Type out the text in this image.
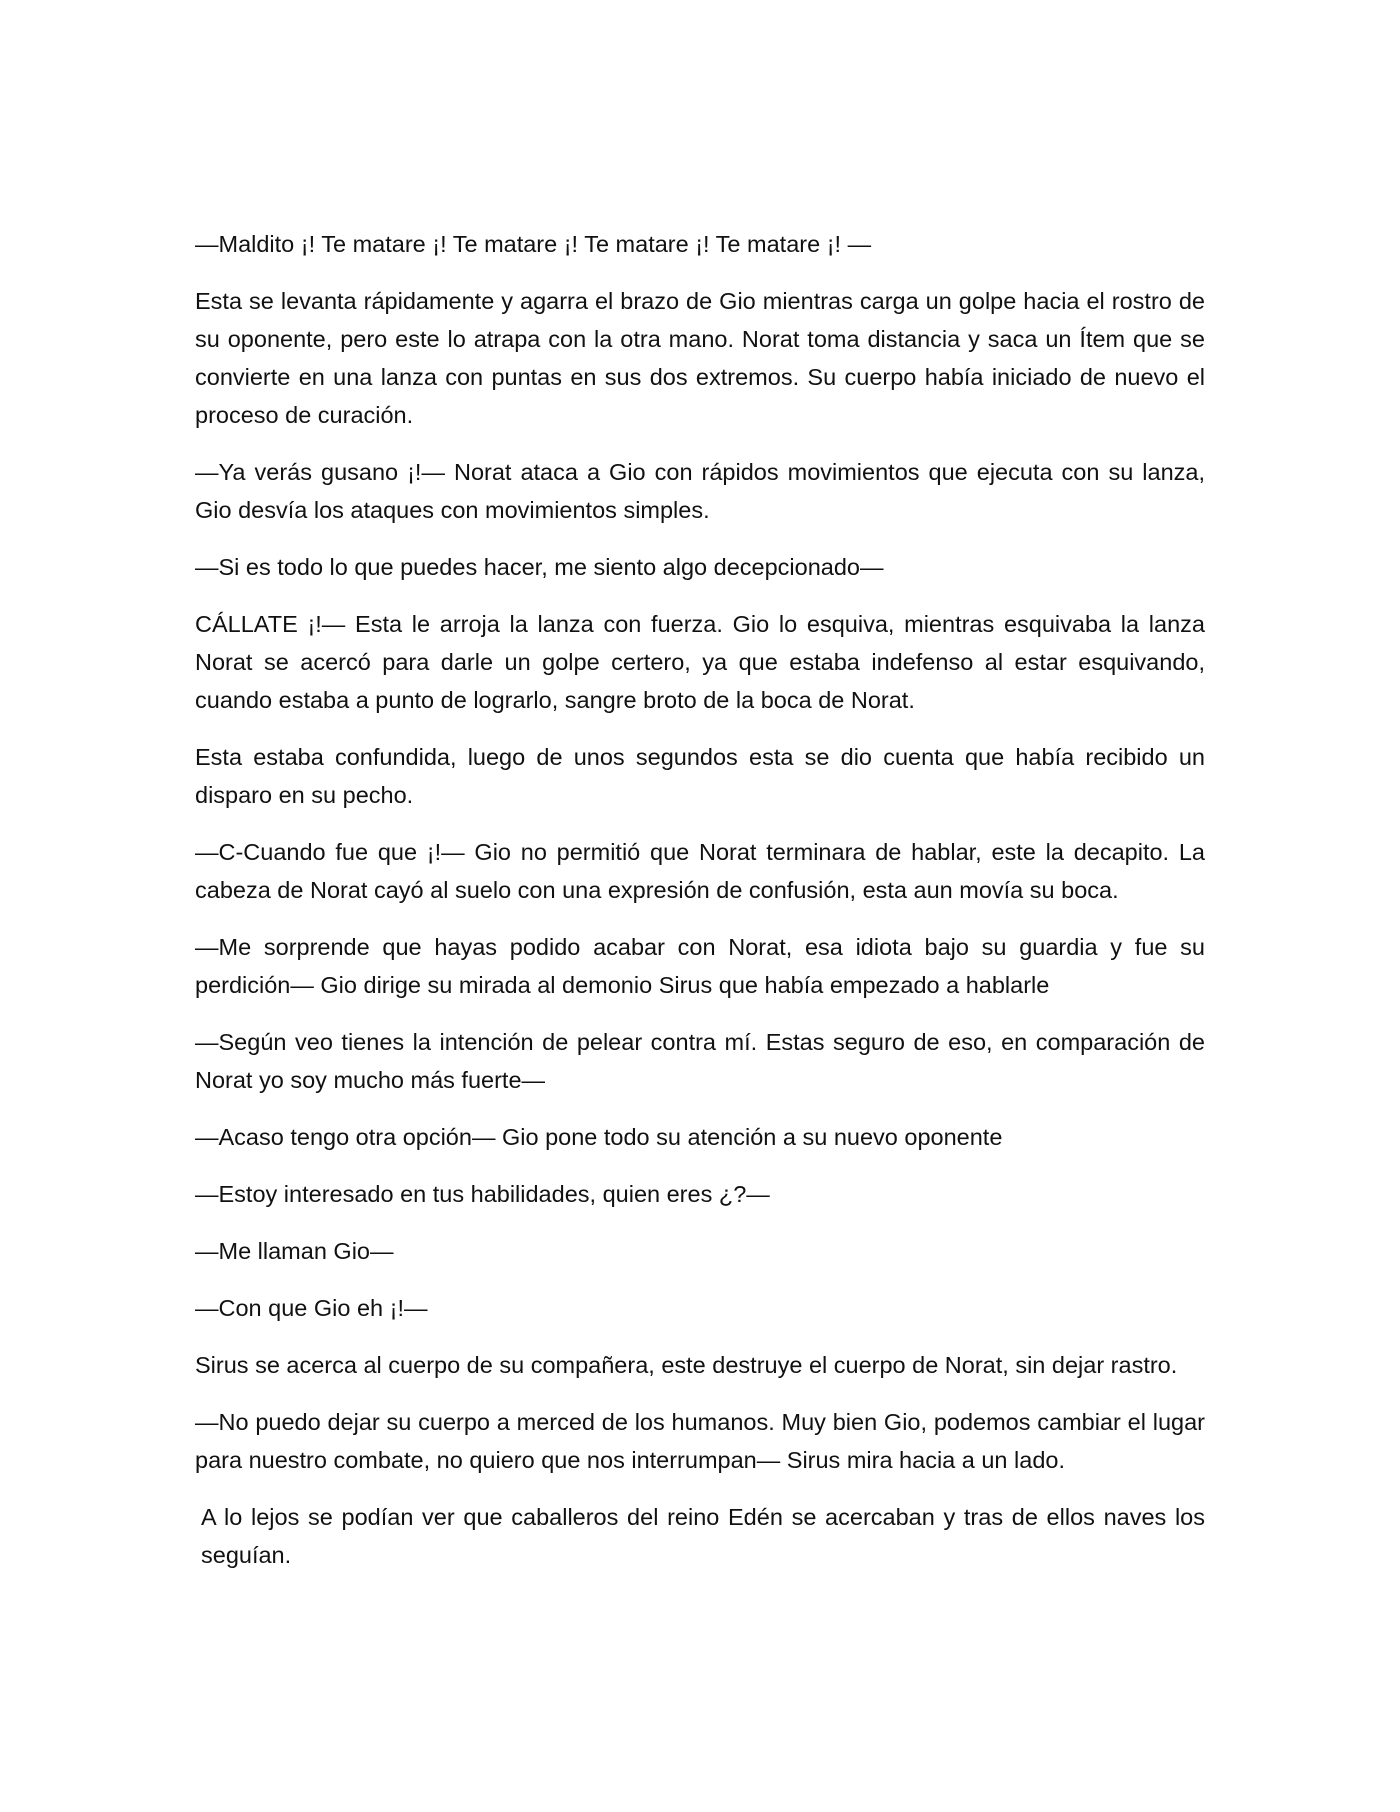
—Maldito ¡! Te matare ¡! Te matare ¡! Te matare ¡! Te matare ¡! —

Esta se levanta rápidamente y agarra el brazo de Gio mientras carga un golpe hacia el rostro de su oponente, pero este lo atrapa con la otra mano. Norat toma distancia y saca un Ítem que se convierte en una lanza con puntas en sus dos extremos. Su cuerpo había iniciado de nuevo el proceso de curación.

—Ya verás gusano ¡!— Norat ataca a Gio con rápidos movimientos que ejecuta con su lanza, Gio desvía los ataques con movimientos simples.

—Si es todo lo que puedes hacer, me siento algo decepcionado—

CÁLLATE ¡!— Esta le arroja la lanza con fuerza. Gio lo esquiva, mientras esquivaba la lanza Norat se acercó para darle un golpe certero, ya que estaba indefenso al estar esquivando, cuando estaba a punto de lograrlo, sangre broto de la boca de Norat.

Esta estaba confundida, luego de unos segundos esta se dio cuenta que había recibido un disparo en su pecho.

—C-Cuando fue que ¡!— Gio no permitió que Norat terminara de hablar, este la decapito. La cabeza de Norat cayó al suelo con una expresión de confusión, esta aun movía su boca.

—Me sorprende que hayas podido acabar con Norat, esa idiota bajo su guardia y fue su perdición— Gio dirige su mirada al demonio Sirus que había empezado a hablarle

—Según veo tienes la intención de pelear contra mí. Estas seguro de eso, en comparación de Norat yo soy mucho más fuerte—

—Acaso tengo otra opción— Gio pone todo su atención a su nuevo oponente

—Estoy interesado en tus habilidades, quien eres ¿?—

—Me llaman Gio—

—Con que Gio eh ¡!—

Sirus se acerca al cuerpo de su compañera, este destruye el cuerpo de Norat, sin dejar rastro.

—No puedo dejar su cuerpo a merced de los humanos. Muy bien Gio, podemos cambiar el lugar para nuestro combate, no quiero que nos interrumpan— Sirus mira hacia a un lado.

A lo lejos se podían ver que caballeros del reino Edén se acercaban y tras de ellos naves los seguían.
